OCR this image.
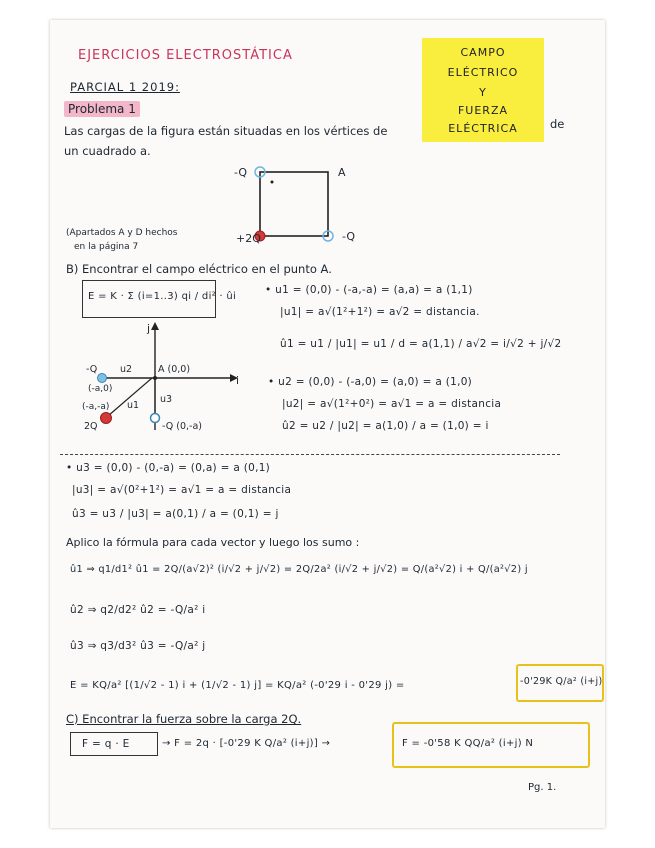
EJERCICIOS ELECTROSTÁTICA	CAMPO
ELÉCTRICO
Y
FUERZA
ELÉCTRICA

PARCIAL 1 2019:

Problema 1

Las cargas de la figura están situadas en los vértices de	de

un cuadrado a.

-Q	A

+2Q	-Q

(Apartados A y D hechos

en la página 7

B) Encontrar el campo eléctrico en el punto A.

E = K · Σ (i=1..3) qi / di² · ûi

j

i

A (0,0)

-Q u2

(-a,0)

(-a,-a) u1

u3

2Q	-Q (0,-a)

• u1 = (0,0) - (-a,-a) = (a,a) = a (1,1)

|u1| = a√(1²+1²) = a√2 = distancia.

û1 = u1 / |u1| = u1 / d = a(1,1) / a√2 = i/√2 + j/√2

• u2 = (0,0) - (-a,0) = (a,0) = a (1,0)

|u2| = a√(1²+0²) = a√1 = a = distancia

û2 = u2 / |u2| = a(1,0) / a = (1,0) = i

• u3 = (0,0) - (0,-a) = (0,a) = a (0,1)

|u3| = a√(0²+1²) = a√1 = a = distancia

û3 = u3 / |u3| = a(0,1) / a = (0,1) = j

Aplico la fórmula para cada vector y luego los sumo :

û1 ⇒ q1/d1² û1 = 2Q/(a√2)² (i/√2 + j/√2) = 2Q/2a² (i/√2 + j/√2) = Q/(a²√2) i + Q/(a²√2) j

û2 ⇒ q2/d2² û2 = -Q/a² i

û3 ⇒ q3/d3² û3 = -Q/a² j

E = KQ/a² [(1/√2 - 1) i + (1/√2 - 1) j] = KQ/a² (-0'29 i - 0'29 j) =	-0'29K Q/a² (i+j)

C) Encontrar la fuerza sobre la carga 2Q.

F = q · E	→ F = 2q · [-0'29 K Q/a² (i+j)] →	F = -0'58 K QQ/a² (i+j) N

Pg. 1.
